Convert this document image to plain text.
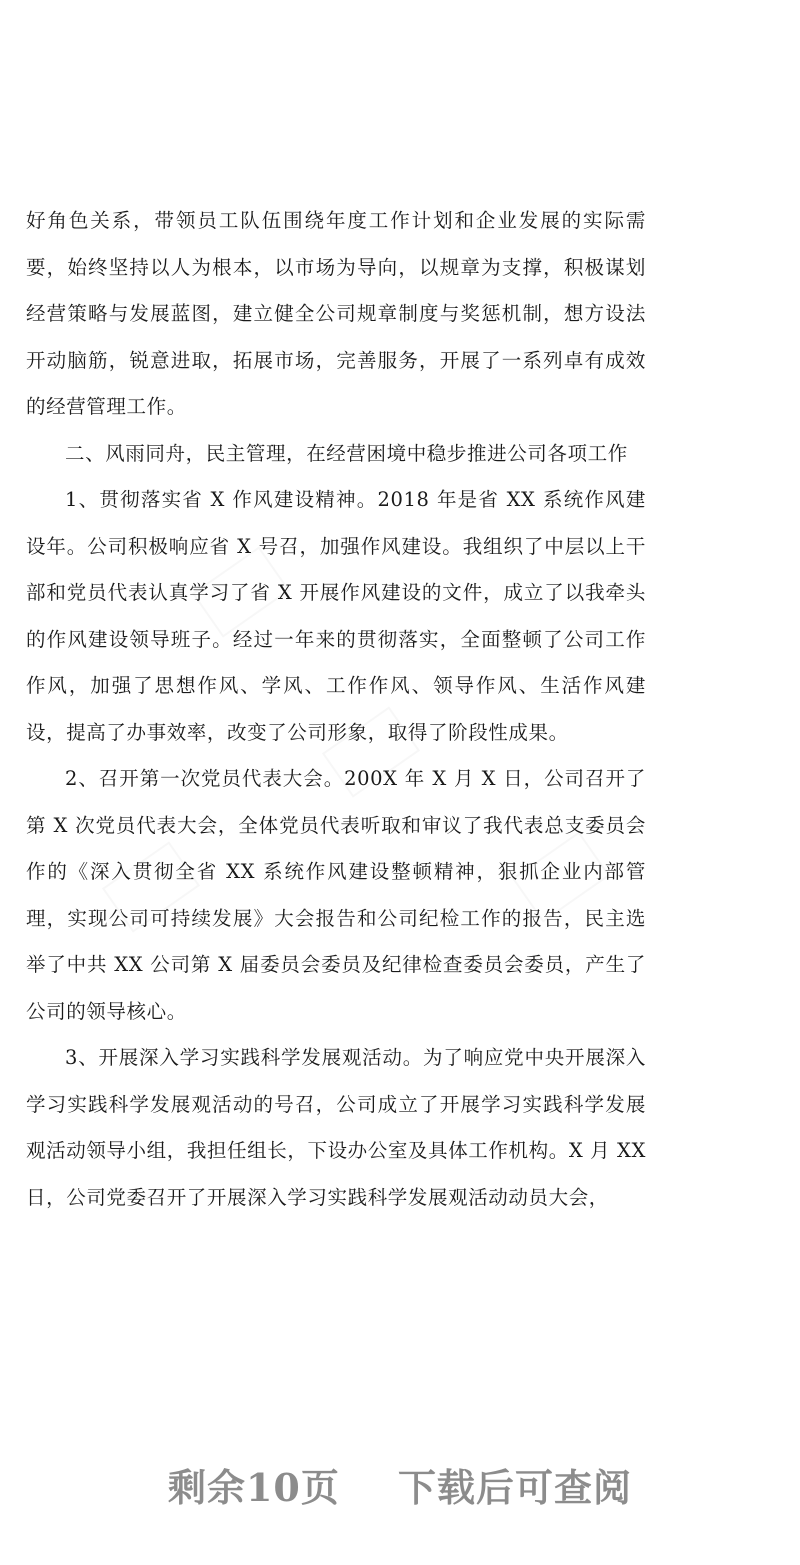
好角色关系，带领员工队伍围绕年度工作计划和企业发展的实际需要，始终坚持以人为根本，以市场为导向，以规章为支撑，积极谋划经营策略与发展蓝图，建立健全公司规章制度与奖惩机制，想方设法开动脑筋，锐意进取，拓展市场，完善服务，开展了一系列卓有成效的经营管理工作。

二、风雨同舟，民主管理，在经营困境中稳步推进公司各项工作

1、贯彻落实省 X 作风建设精神。2018 年是省 XX 系统作风建设年。公司积极响应省 X 号召，加强作风建设。我组织了中层以上干部和党员代表认真学习了省 X 开展作风建设的文件，成立了以我牵头的作风建设领导班子。经过一年来的贯彻落实，全面整顿了公司工作作风，加强了思想作风、学风、工作作风、领导作风、生活作风建设，提高了办事效率，改变了公司形象，取得了阶段性成果。

2、召开第一次党员代表大会。200X 年 X 月 X 日，公司召开了第 X 次党员代表大会，全体党员代表听取和审议了我代表总支委员会作的《深入贯彻全省 XX 系统作风建设整顿精神，狠抓企业内部管理，实现公司可持续发展》大会报告和公司纪检工作的报告，民主选举了中共 XX 公司第 X 届委员会委员及纪律检查委员会委员，产生了公司的领导核心。

3、开展深入学习实践科学发展观活动。为了响应党中央开展深入学习实践科学发展观活动的号召，公司成立了开展学习实践科学发展观活动领导小组，我担任组长，下设办公室及具体工作机构。X 月 XX 日，公司党委召开了开展深入学习实践科学发展观活动动员大会，

剩余10页 下载后可查阅
